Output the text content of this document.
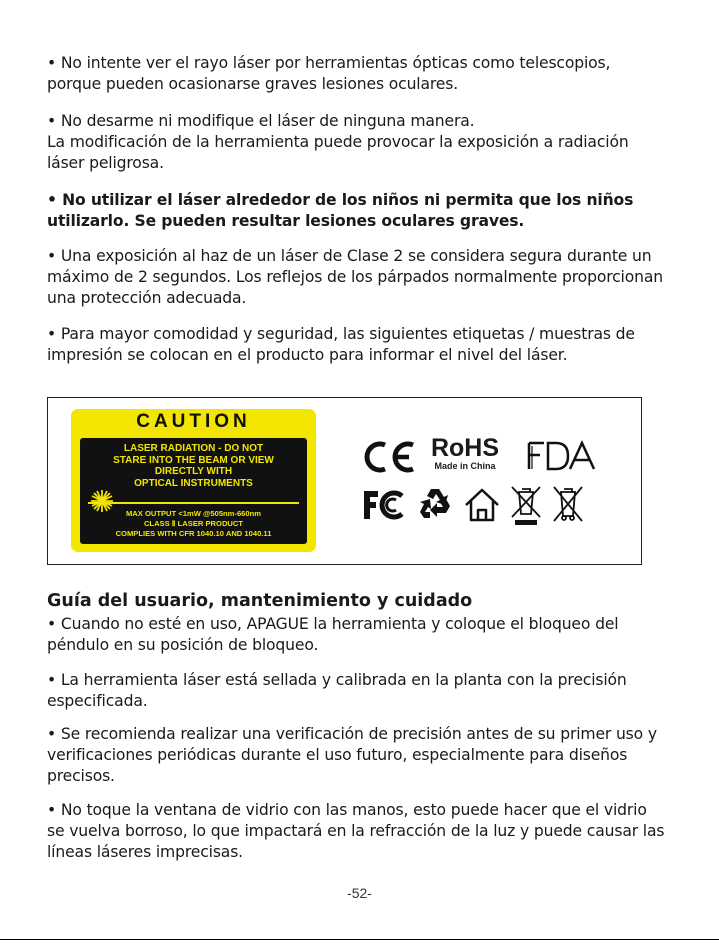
• No intente ver el rayo láser por herramientas ópticas como telescopios, porque pueden ocasionarse graves lesiones oculares.

• No desarme ni modifique el láser de ninguna manera.

La modificación de la herramienta puede provocar la exposición a radiación láser peligrosa.

• No utilizar el láser alrededor de los niños ni permita que los niños utilizarlo. Se pueden resultar lesiones oculares graves.

• Una exposición al haz de un láser de Clase 2 se considera segura durante un máximo de 2 segundos. Los reflejos de los párpados normalmente proporcionan una protección adecuada.

• Para mayor comodidad y seguridad, las siguientes etiquetas / muestras de impresión se colocan en el producto para informar el nivel del láser.

CAUTION
LASER RADIATION - DO NOT
STARE INTO THE BEAM OR VIEW
DIRECTLY WITH
OPTICAL INSTRUMENTS
MAX OUTPUT <1mW @505nm-660nm
CLASS Ⅱ LASER PRODUCT
COMPLIES WITH CFR 1040.10 AND 1040.11
RoHS
Made in China
Guía del usuario, mantenimiento y cuidado

• Cuando no esté en uso, APAGUE la herramienta y coloque el bloqueo del péndulo en su posición de bloqueo.

• La herramienta láser está sellada y calibrada en la planta con la precisión especificada.

• Se recomienda realizar una verificación de precisión antes de su primer uso y verificaciones periódicas durante el uso futuro, especialmente para diseños precisos.

• No toque la ventana de vidrio con las manos, esto puede hacer que el vidrio se vuelva borroso, lo que impactará en la refracción de la luz y puede causar las líneas láseres imprecisas.

-52-
